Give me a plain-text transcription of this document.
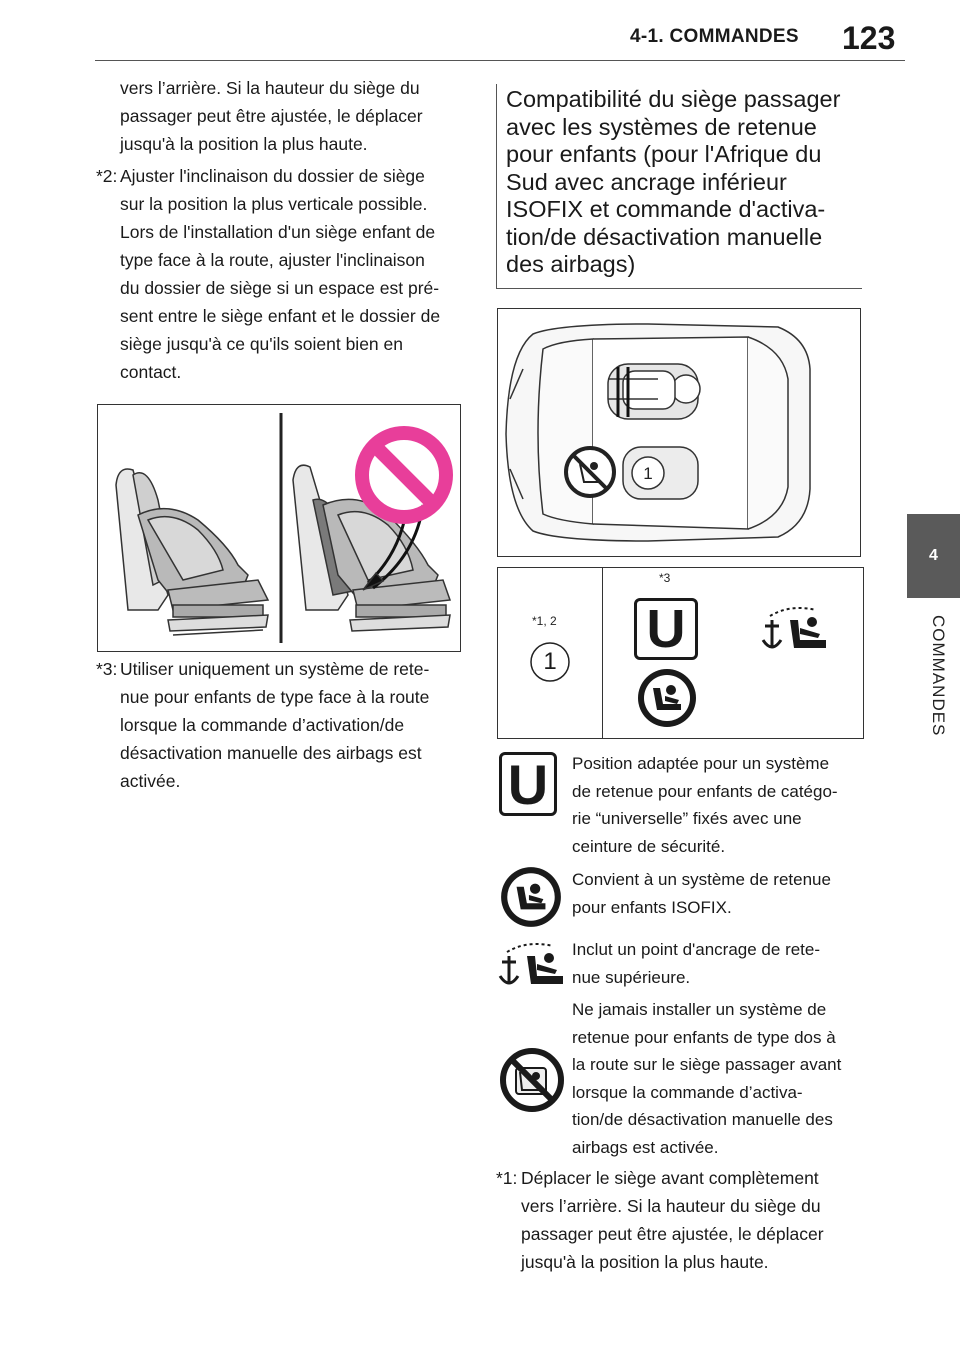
4-1. COMMANDES 123
4
COMMANDES
vers l’arrière. Si la hauteur du siège du
passager peut être ajustée, le déplacer
jusqu'à la position la plus haute.
*2: Ajuster l'inclinaison du dossier de siège
sur la position la plus verticale possible.
Lors de l'installation d'un siège enfant de
type face à la route, ajuster l'inclinaison
du dossier de siège si un espace est pré-
sent entre le siège enfant et le dossier de
siège jusqu'à ce qu'ils soient bien en
contact.
*3: Utiliser uniquement un système de rete-
nue pour enfants de type face à la route
lorsque la commande d’activation/de
désactivation manuelle des airbags est
activée.
Compatibilité du siège passager
avec les systèmes de retenue
pour enfants (pour l'Afrique du
Sud avec ancrage inférieur
ISOFIX et commande d'activa-
tion/de désactivation manuelle
des airbags)
1
*1, 2
1
*3
U
U	Position adaptée pour un système
de retenue pour enfants de catégo-
rie “universelle” fixés avec une
ceinture de sécurité.
Convient à un système de retenue
pour enfants ISOFIX.
Inclut un point d'ancrage de rete-
nue supérieure.
Ne jamais installer un système de
retenue pour enfants de type dos à
la route sur le siège passager avant
lorsque la commande d’activa-
tion/de désactivation manuelle des
airbags est activée.
*1: Déplacer le siège avant complètement
vers l’arrière. Si la hauteur du siège du
passager peut être ajustée, le déplacer
jusqu'à la position la plus haute.
